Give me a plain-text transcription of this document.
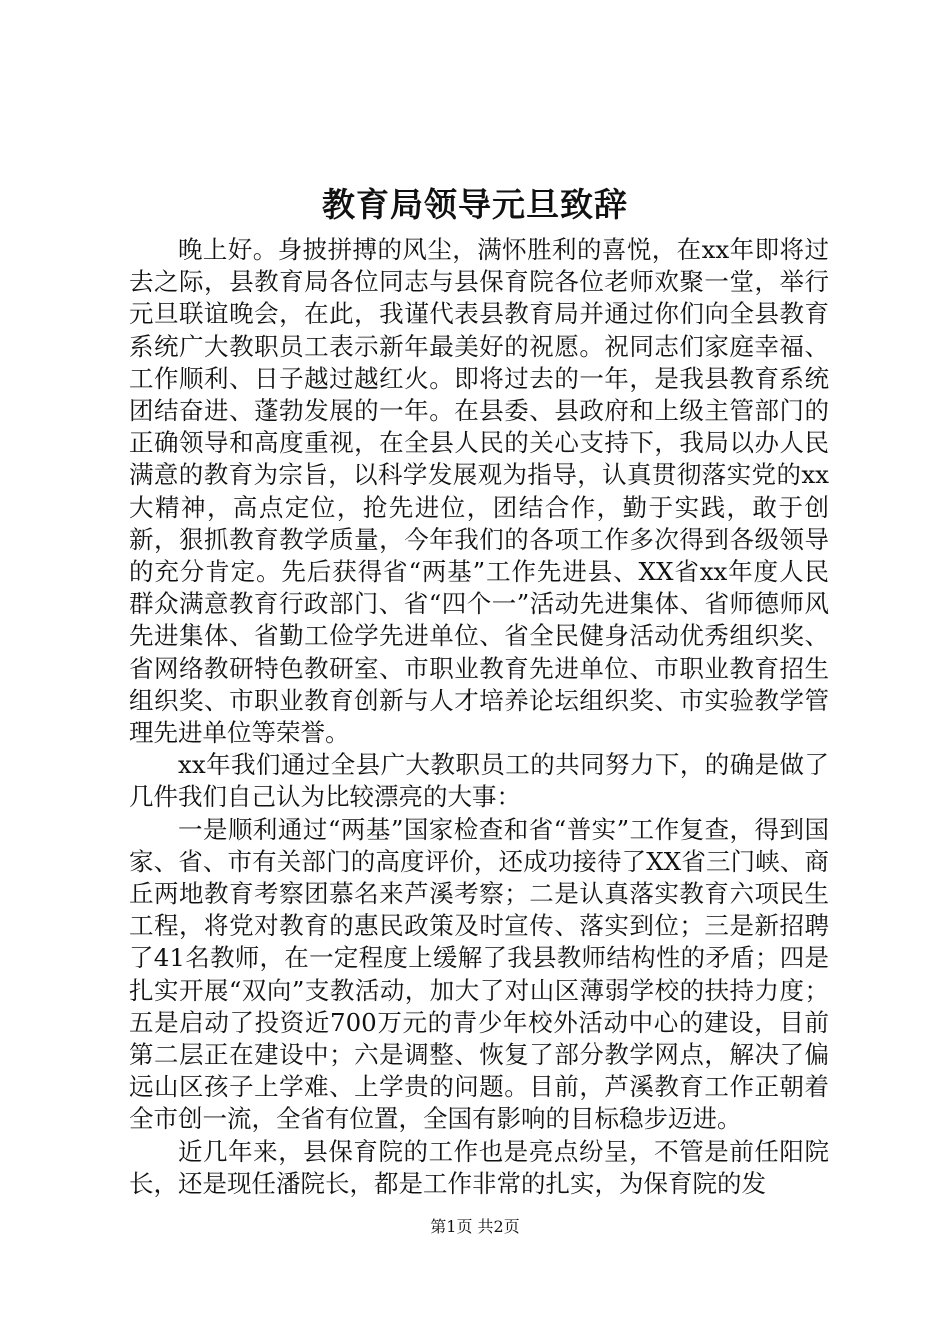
教育局领导元旦致辞

晚上好。身披拼搏的风尘，满怀胜利的喜悦，在xx年即将过去之际，县教育局各位同志与县保育院各位老师欢聚一堂，举行元旦联谊晚会，在此，我谨代表县教育局并通过你们向全县教育系统广大教职员工表示新年最美好的祝愿。祝同志们家庭幸福、工作顺利、日子越过越红火。即将过去的一年，是我县教育系统团结奋进、蓬勃发展的一年。在县委、县政府和上级主管部门的正确领导和高度重视，在全县人民的关心支持下，我局以办人民满意的教育为宗旨，以科学发展观为指导，认真贯彻落实党的xx大精神，高点定位，抢先进位，团结合作，勤于实践，敢于创新，狠抓教育教学质量，今年我们的各项工作多次得到各级领导的充分肯定。先后获得省“两基”工作先进县、XX省xx年度人民群众满意教育行政部门、省“四个一”活动先进集体、省师德师风先进集体、省勤工俭学先进单位、省全民健身活动优秀组织奖、省网络教研特色教研室、市职业教育先进单位、市职业教育招生组织奖、市职业教育创新与人才培养论坛组织奖、市实验教学管理先进单位等荣誉。

xx年我们通过全县广大教职员工的共同努力下，的确是做了几件我们自己认为比较漂亮的大事：

一是顺利通过“两基”国家检查和省“普实”工作复查，得到国家、省、市有关部门的高度评价，还成功接待了XX省三门峡、商丘两地教育考察团慕名来芦溪考察；二是认真落实教育六项民生工程，将党对教育的惠民政策及时宣传、落实到位；三是新招聘了41名教师，在一定程度上缓解了我县教师结构性的矛盾；四是扎实开展“双向”支教活动，加大了对山区薄弱学校的扶持力度；五是启动了投资近700万元的青少年校外活动中心的建设，目前第二层正在建设中；六是调整、恢复了部分教学网点，解决了偏远山区孩子上学难、上学贵的问题。目前，芦溪教育工作正朝着全市创一流，全省有位置，全国有影响的目标稳步迈进。

近几年来，县保育院的工作也是亮点纷呈，不管是前任阳院长，还是现任潘院长，都是工作非常的扎实，为保育院的发

第1页 共2页
